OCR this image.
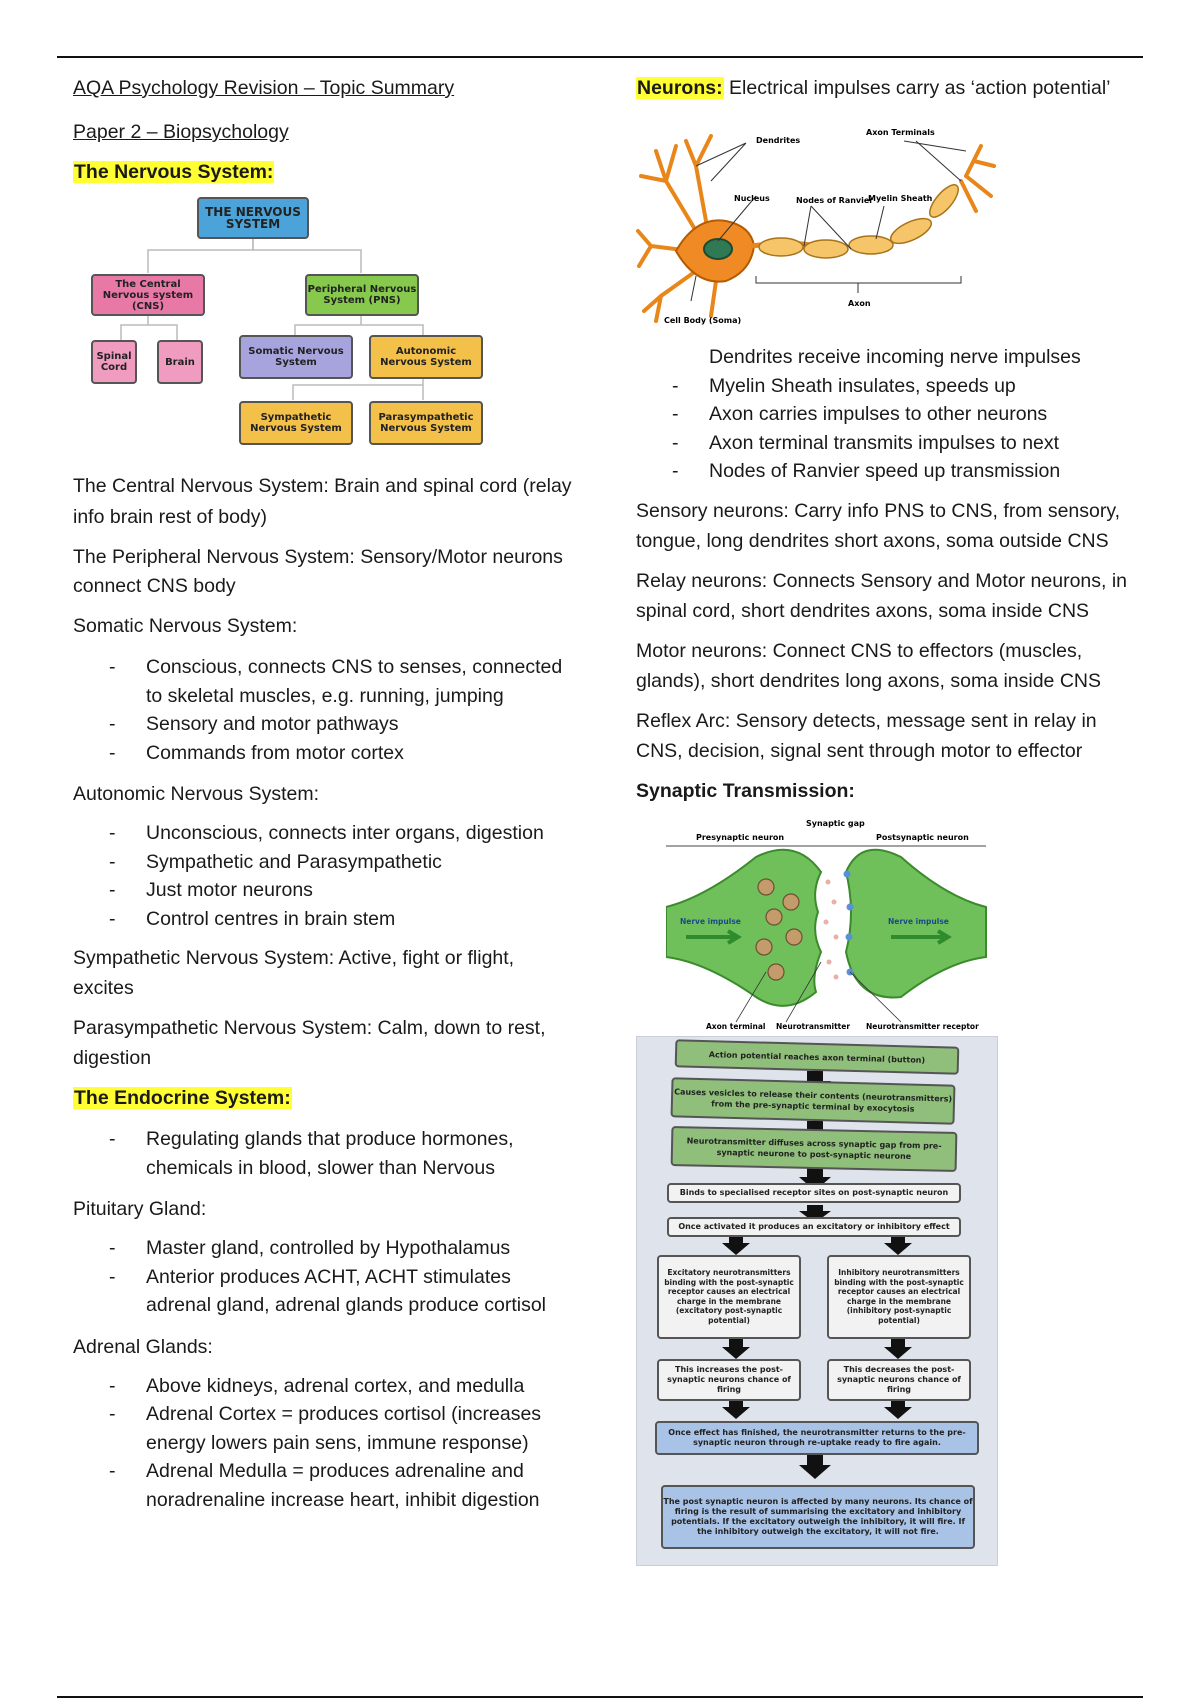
AQA Psychology Revision – Topic Summary

Paper 2 – Biopsychology

The Nervous System:

THE NERVOUS SYSTEM
The Central Nervous system (CNS)
Peripheral Nervous System (PNS)
Spinal Cord	Brain
Somatic Nervous System
Autonomic Nervous System
Sympathetic Nervous System
Parasympathetic Nervous System

The Central Nervous System: Brain and spinal cord (relay info brain rest of body)

The Peripheral Nervous System: Sensory/Motor neurons connect CNS body

Somatic Nervous System:

- Conscious, connects CNS to senses, connected to skeletal muscles, e.g. running, jumping
- Sensory and motor pathways
- Commands from motor cortex

Autonomic Nervous System:

- Unconscious, connects inter organs, digestion
- Sympathetic and Parasympathetic
- Just motor neurons
- Control centres in brain stem

Sympathetic Nervous System: Active, fight or flight, excites

Parasympathetic Nervous System: Calm, down to rest, digestion

The Endocrine System:

- Regulating glands that produce hormones, chemicals in blood, slower than Nervous

Pituitary Gland:

- Master gland, controlled by Hypothalamus
- Anterior produces ACHT, ACHT stimulates adrenal gland, adrenal glands produce cortisol

Adrenal Glands:

- Above kidneys, adrenal cortex, and medulla
- Adrenal Cortex = produces cortisol (increases energy lowers pain sens, immune response)
- Adrenal Medulla = produces adrenaline and noradrenaline increase heart, inhibit digestion

Neurons: Electrical impulses carry as ‘action potential’

Dendrites
Axon Terminals
Nucleus	Nodes of Ranvier
Myelin Sheath
Axon
Cell Body (Soma)
Dendrites receive incoming nerve impulses
- Myelin Sheath insulates, speeds up
- Axon carries impulses to other neurons
- Axon terminal transmits impulses to next
- Nodes of Ranvier speed up transmission

Sensory neurons: Carry info PNS to CNS, from sensory, tongue, long dendrites short axons, soma outside CNS

Relay neurons: Connects Sensory and Motor neurons, in spinal cord, short dendrites axons, soma inside CNS

Motor neurons: Connect CNS to effectors (muscles, glands), short dendrites long axons, soma inside CNS

Reflex Arc: Sensory detects, message sent in relay in CNS, decision, signal sent through motor to effector

Synaptic Transmission:

Presynaptic neuron
Synaptic gap
Postsynaptic neuron
Nerve impulse	Nerve impulse
Axon terminal Neurotransmitter Neurotransmitter receptor
Action potential reaches axon terminal (button)
Causes vesicles to release their contents (neurotransmitters) from the pre-synaptic terminal by exocytosis
Neurotransmitter diffuses across synaptic gap from pre-synaptic neurone to post-synaptic neurone
Binds to specialised receptor sites on post-synaptic neuron
Once activated it produces an excitatory or inhibitory effect
Excitatory neurotransmitters binding with the post-synaptic receptor causes an electrical charge in the membrane (excitatory post-synaptic potential)
Inhibitory neurotransmitters binding with the post-synaptic receptor causes an electrical charge in the membrane (inhibitory post-synaptic potential)
This increases the post-synaptic neurons chance of firing
This decreases the post-synaptic neurons chance of firing
Once effect has finished, the neurotransmitter returns to the pre-synaptic neuron through re-uptake ready to fire again.
The post synaptic neuron is affected by many neurons. Its chance of firing is the result of summarising the excitatory and inhibitory potentials. If the excitatory outweigh the inhibitory, it will fire. If the inhibitory outweigh the excitatory, it will not fire.
